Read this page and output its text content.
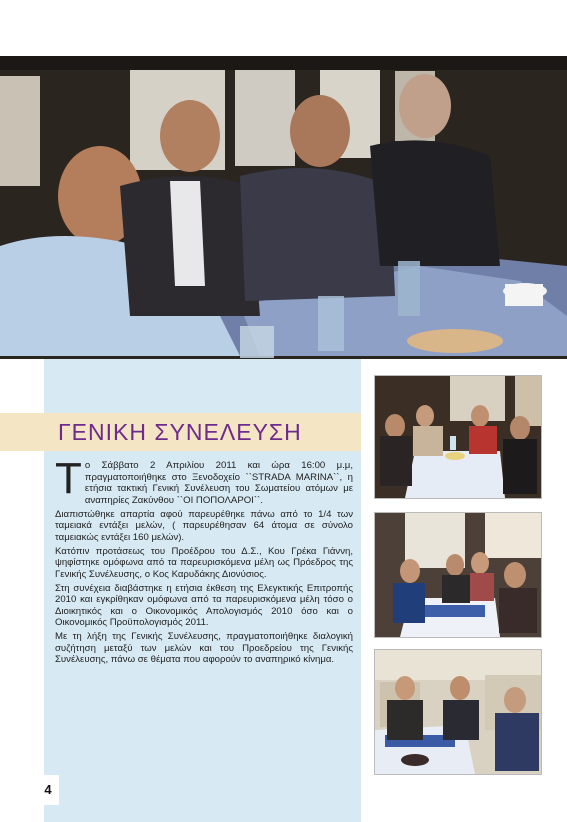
ΓΕΝΙΚΗ ΣΥΝΕΛΕΥΣΗ

Το Σάββατο 2 Απριλίου 2011 και ώρα 16:00 μ.μ, πραγματοποιήθηκε στο Ξενοδοχείο ``STRADA MARINA``, η ετήσια τακτική Γενική Συνέλευση του Σωματείου ατόμων με αναπηρίες Ζακύνθου ``ΟΙ ΠΟΠΟΛΑΡΟΙ``.

Διαπιστώθηκε απαρτία αφού παρευρέθηκε πάνω από το 1/4 των ταμειακά εντάξει μελών, ( παρευρέθησαν 64 άτομα σε σύνολο ταμειακώς εντάξει 160 μελών).

Κατόπιν προτάσεως του Προέδρου του Δ.Σ., Κου Γρέκα Γιάννη, ψηφίστηκε ομόφωνα από τα παρευρισκόμενα μέλη ως Πρόεδρος της Γενικής Συνέλευσης, ο Κος Καρυδάκης Διονύσιος.

Στη συνέχεια διαβάστηκε η ετήσια έκθεση της Ελεγκτικής Επιτροπής 2010 και εγκρίθηκαν ομόφωνα από τα παρευρισκόμενα μέλη τόσο ο Διοικητικός και ο Οικονομικός Απολογισμός 2010 όσο και ο Οικονομικός Προϋπολογισμός 2011.

Με τη λήξη της Γενικής Συνέλευσης, πραγματοποιήθηκε διαλογική συζήτηση μεταξύ των μελών και του Προεδρείου της Γενικής Συνέλευσης, πάνω σε θέματα που αφορούν το αναπηρικό κίνημα.

4
